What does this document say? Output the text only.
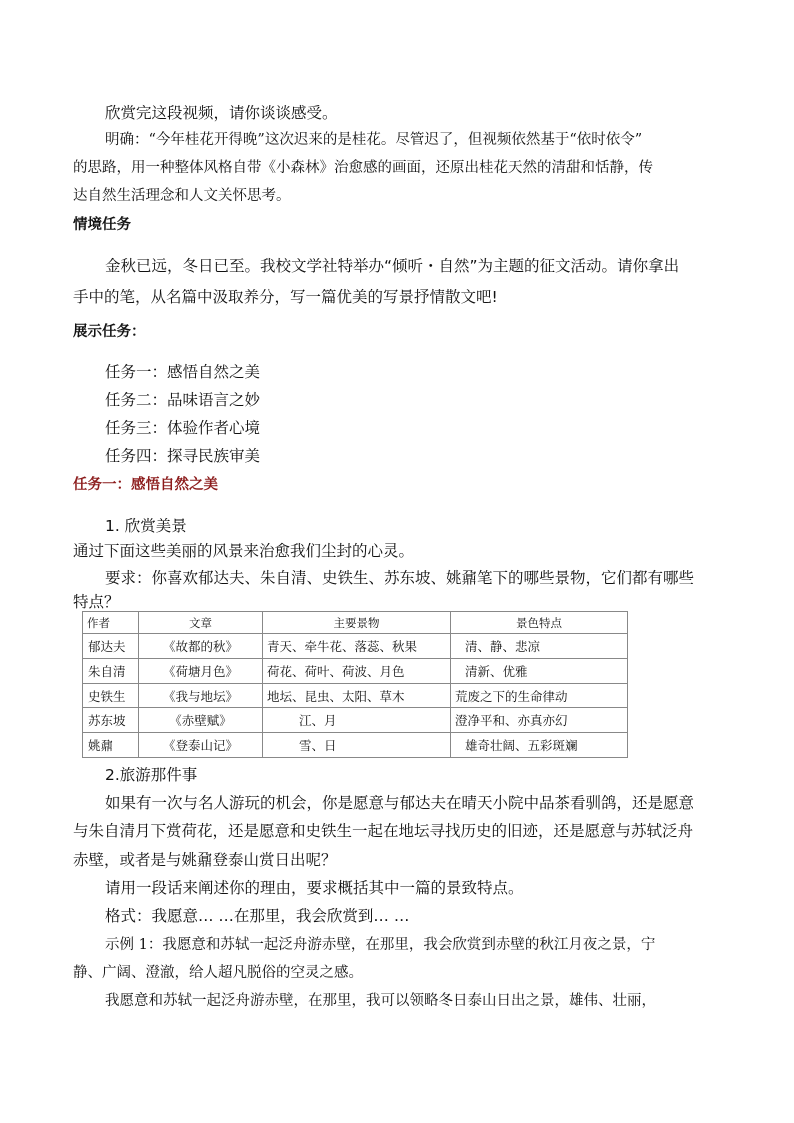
欣赏完这段视频，请你谈谈感受。
明确：“今年桂花开得晚”这次迟来的是桂花。尽管迟了，但视频依然基于“依时依令”
的思路，用一种整体风格自带《小森林》治愈感的画面，还原出桂花天然的清甜和恬静，传
达自然生活理念和人文关怀思考。
情境任务
金秋已远，冬日已至。我校文学社特举办“倾听・自然”为主题的征文活动。请你拿出
手中的笔，从名篇中汲取养分，写一篇优美的写景抒情散文吧!
展示任务：
任务一：感悟自然之美
任务二：品味语言之妙
任务三：体验作者心境
任务四：探寻民族审美
任务一：感悟自然之美
1. 欣赏美景
通过下面这些美丽的风景来治愈我们尘封的心灵。
要求：你喜欢郁达夫、朱自清、史铁生、苏东坡、姚鼐笔下的哪些景物，它们都有哪些
特点？
作者	文章	主要景物	景色特点
郁达夫	《故都的秋》	青天、牵牛花、落蕊、秋果	清、静、悲凉
朱自清	《荷塘月色》	荷花、荷叶、荷波、月色	清新、优雅
史铁生	《我与地坛》	地坛、昆虫、太阳、草木	荒废之下的生命律动
苏东坡	《赤壁赋》	江、月	澄净平和、亦真亦幻
姚鼐	《登泰山记》	雪、日	雄奇壮阔、五彩斑斓
2.旅游那件事
如果有一次与名人游玩的机会，你是愿意与郁达夫在晴天小院中品茶看驯鸽，还是愿意
与朱自清月下赏荷花，还是愿意和史铁生一起在地坛寻找历史的旧迹，还是愿意与苏轼泛舟
赤壁，或者是与姚鼐登泰山赏日出呢？
请用一段话来阐述你的理由，要求概括其中一篇的景致特点。
格式：我愿意… …在那里，我会欣赏到… …
示例 1：我愿意和苏轼一起泛舟游赤壁，在那里，我会欣赏到赤壁的秋江月夜之景，宁
静、广阔、澄澈，给人超凡脱俗的空灵之感。
我愿意和苏轼一起泛舟游赤壁，在那里，我可以领略冬日泰山日出之景，雄伟、壮丽，
